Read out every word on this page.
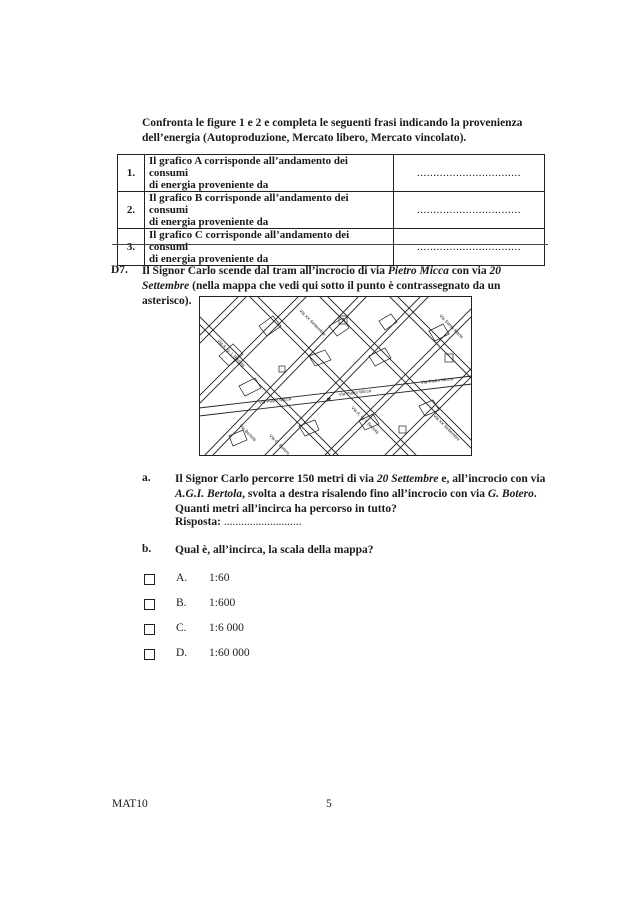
Confronta le figure 1 e 2 e completa le seguenti frasi indicando la provenienza
dell’energia (Autoproduzione, Mercato libero, Mercato vincolato).
1.	Il grafico A corrisponde all’andamento dei consumi
di energia proveniente da	................................
2.	Il grafico B corrisponde all’andamento dei consumi
di energia proveniente da	................................
3.	Il grafico C corrisponde all’andamento dei consumi
di energia proveniente da	................................
D7. Il Signor Carlo scende dal tram all’incrocio di via Pietro Micca con via 20 Settembre (nella mappa che vedi qui sotto il punto è contrassegnato da un asterisco).
Via Pietro Micca
Via Pietro Micca
Via Pietro Micca
Via A. G. I. Bertola
Via A. G. I. Bertola
Via XX Settembre
Via XX Settembre
Via G. Botero
Via Santa Maria
Via Bertola
*
a. Il Signor Carlo percorre 150 metri di via 20 Settembre e, all’incrocio con via A.G.I. Bertola, svolta a destra risalendo fino all’incrocio con via G. Botero. Quanti metri all’incirca ha percorso in tutto?
Risposta: ...........................
b. Qual è, all’incirca, la scala della mappa?
A. 1:60
B. 1:600
C. 1:6 000
D. 1:60 000
MAT10	5
